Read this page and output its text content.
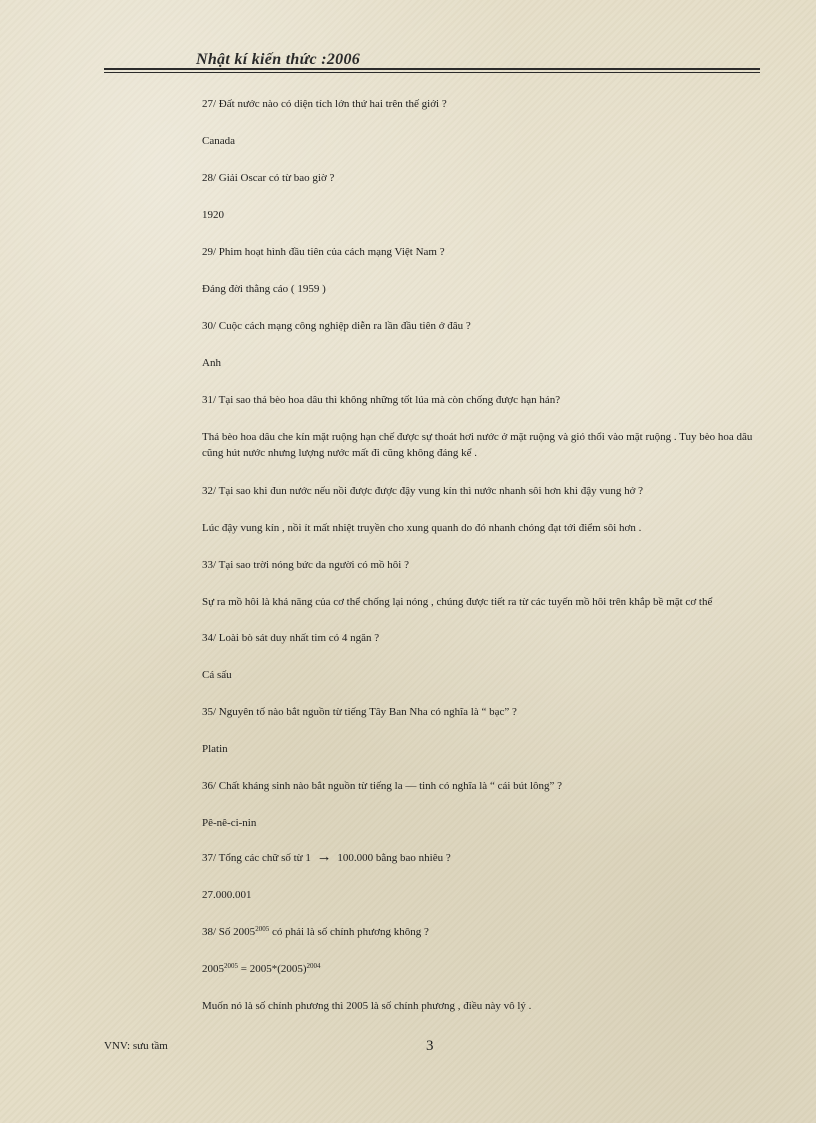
Nhật kí kiến thức :2006
27/ Đất nước nào có diện tích lớn thứ hai trên thế giới ?
Canada
28/ Giải Oscar có từ bao giờ ?
1920
29/ Phim hoạt hình đầu tiên của cách mạng Việt Nam ?
Đáng đời thằng cáo ( 1959 )
30/ Cuộc cách mạng công nghiệp diễn ra lần đầu tiên ở đâu ?
Anh
31/ Tại sao thả bèo hoa dâu thì không những tốt lúa mà còn chống được hạn hán?
Thả bèo hoa dâu che kín mặt ruộng hạn chế được sự thoát hơi nước ở mặt ruộng và gió thổi vào mặt ruộng . Tuy bèo hoa dâu cũng hút nước nhưng lượng nước mất đi cũng không đáng kể .
32/ Tại sao khi đun nước nếu nồi được được đậy vung kín thì nước nhanh sôi hơn khi đậy vung hở ?
Lúc đậy vung kín , nồi ít mất nhiệt truyền cho xung quanh do đó nhanh chóng đạt tới điểm sôi hơn .
33/ Tại sao trời nóng bức da người có mồ hôi ?
Sự ra mồ hôi là khả năng của cơ thể chống lại nóng , chúng được tiết ra từ các tuyến mồ hôi trên khắp bề mặt cơ thể
34/ Loài bò sát duy nhất tim có 4 ngăn ?
Cá sấu
35/ Nguyên tố nào bắt nguồn từ tiếng Tây Ban Nha có nghĩa là “ bạc” ?
Platin
36/ Chất kháng sinh nào bắt nguồn từ tiếng la — tinh có nghĩa là “ cái bút lông” ?
Pê-nê-ci-nin
37/ Tổng các chữ số từ 1 → 100.000 bằng bao nhiêu ?
27.000.001
38/ Số $2005^{2005}$ có phải là số chính phương không ?
$2005^{2005} = 2005*(2005)^{2004}$
Muốn nó là số chính phương thì 2005 là số chính phương , điều này vô lý .
VNV: sưu tầm	3
